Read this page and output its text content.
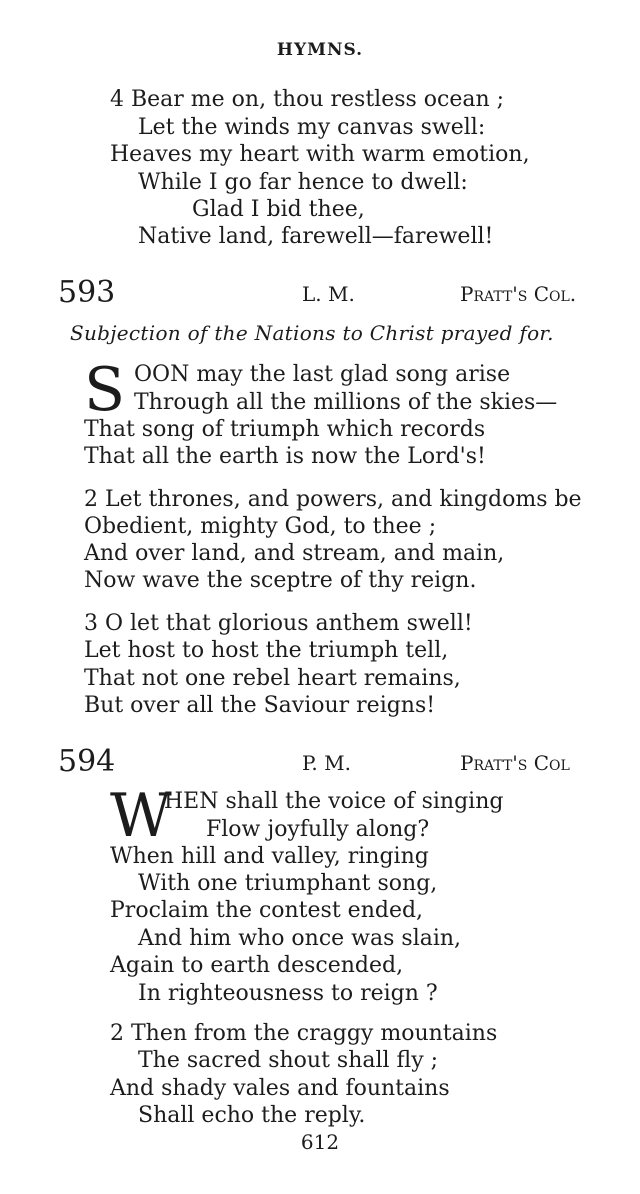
HYMNS.
4 Bear me on, thou restless ocean ;
Let the winds my canvas swell:
Heaves my heart with warm emotion,
While I go far hence to dwell:
Glad I bid thee,
Native land, farewell—farewell!
593	L. M.	Pratt's Col.
Subjection of the Nations to Christ prayed for.
S OON may the last glad song arise
Through all the millions of the skies—
That song of triumph which records
That all the earth is now the Lord's!
2 Let thrones, and powers, and kingdoms be
Obedient, mighty God, to thee ;
And over land, and stream, and main,
Now wave the sceptre of thy reign.
3 O let that glorious anthem swell!
Let host to host the triumph tell,
That not one rebel heart remains,
But over all the Saviour reigns!
594	P. M.	Pratt's Col
W
HEN shall the voice of singing
Flow joyfully along?
When hill and valley, ringing
With one triumphant song,
Proclaim the contest ended,
And him who once was slain,
Again to earth descended,
In righteousness to reign ?
2 Then from the craggy mountains
The sacred shout shall fly ;
And shady vales and fountains
Shall echo the reply.
612
